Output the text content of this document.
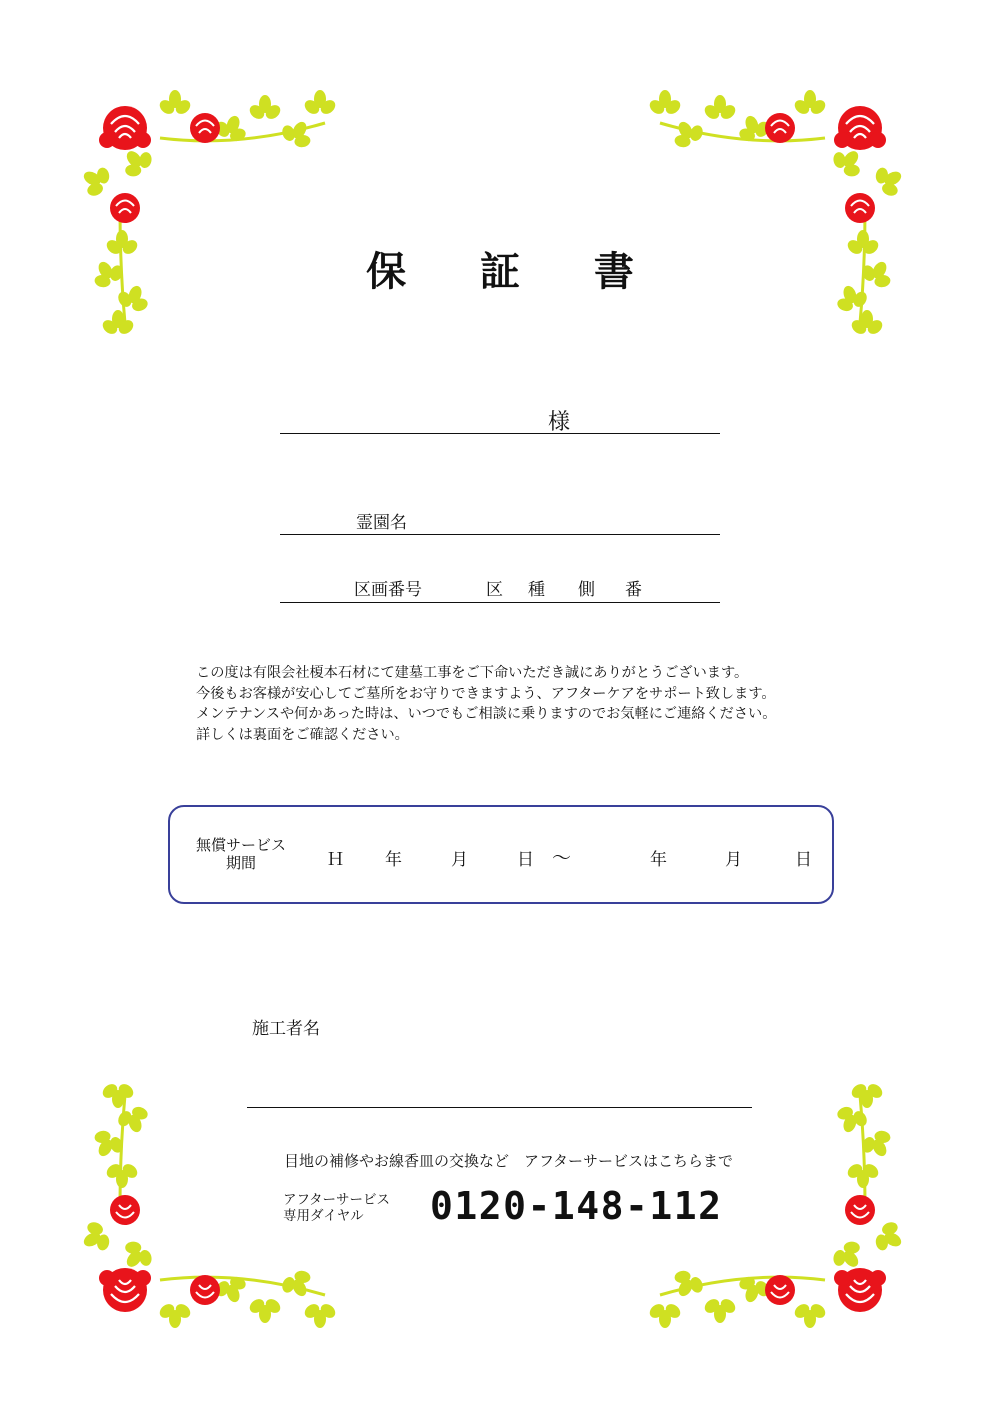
保 証 書
様
霊園名
区画番号	区 種 側 番
この度は有限会社榎本石材にて建墓工事をご下命いただき誠にありがとうございます。
今後もお客様が安心してご墓所をお守りできますよう、アフターケアをサポート致します。
メンテナンスや何かあった時は、いつでもご相談に乗りますのでお気軽にご連絡ください。
詳しくは裏面をご確認ください。
無償サービス
期間	Ｈ 年	月	日 ～	年	月	日
施工者名
目地の補修やお線香皿の交換など　アフターサービスはこちらまで
アフターサービス
専用ダイヤル	0120-148-112
